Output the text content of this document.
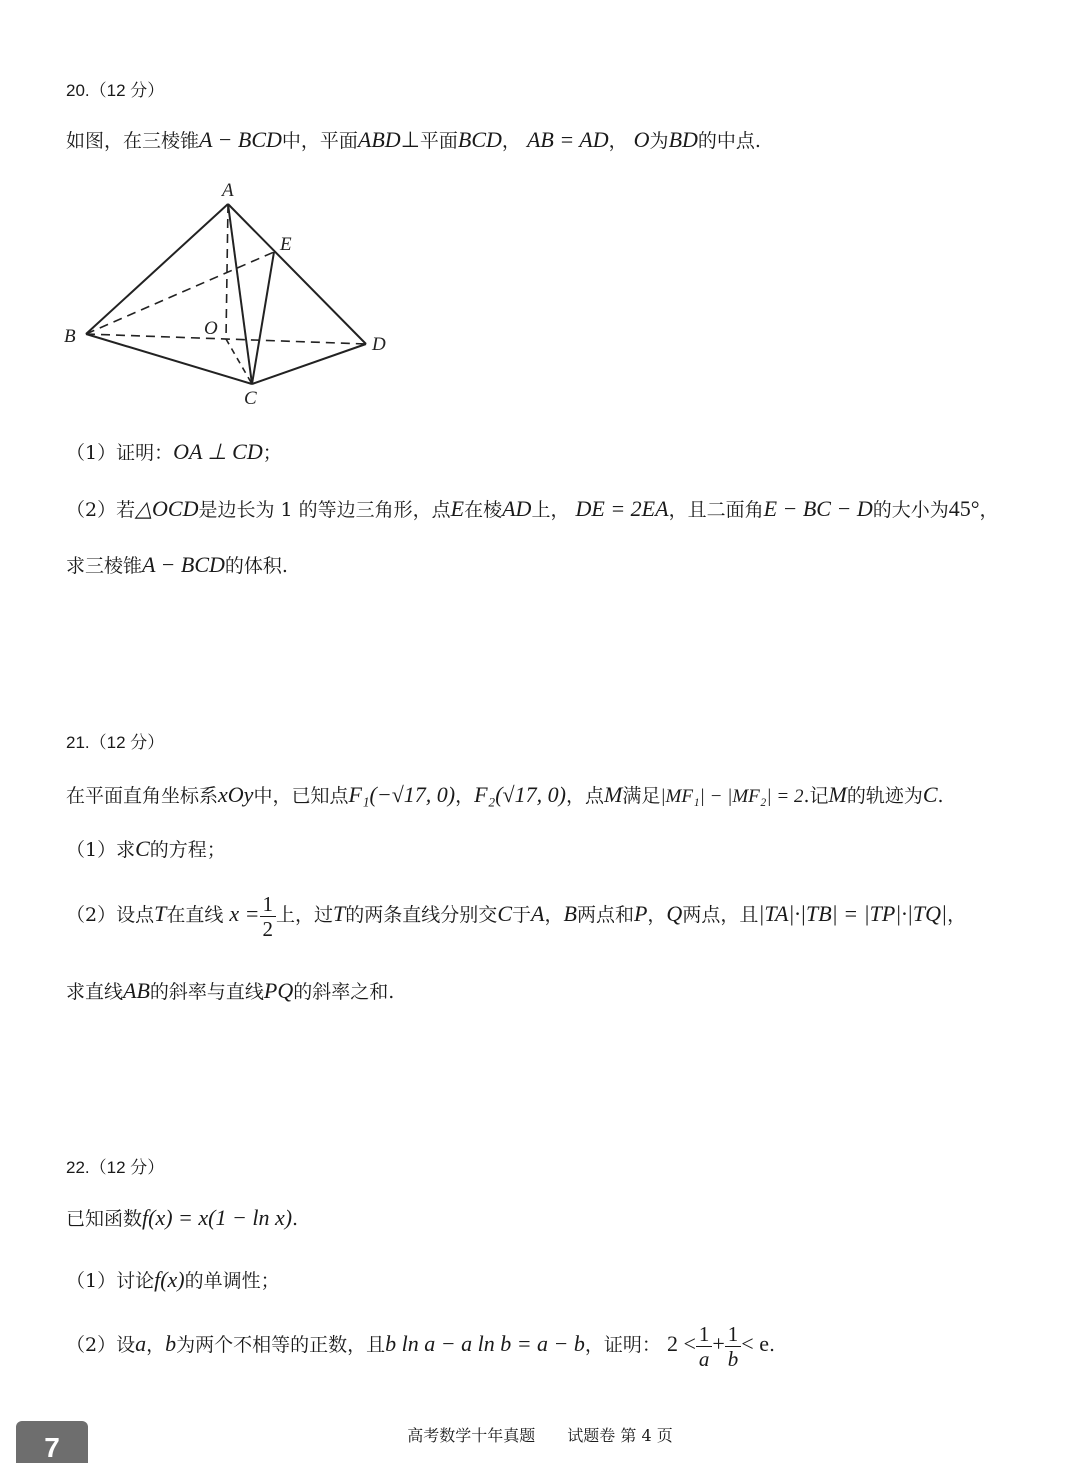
20.（12 分）
如图，在三棱锥A − BCD中，平面ABD⊥平面BCD， AB = AD， O为BD的中点.
A
E
B	O
D
C
（1）证明：OA ⊥ CD；
（2）若△OCD是边长为 1 的等边三角形，点E在棱AD上， DE = 2EA，且二面角E − BC − D的大小为45°，
求三棱锥A − BCD的体积.
21.（12 分）
在平面直角坐标系xOy中，已知点F₁(−√17, 0)，F₂(√17, 0)，点M满足|MF₁| − |MF₂| = 2.记M的轨迹为C.
（1）求C的方程；
（2）设点T在直线 $x = \frac{1}{2}$ 上，过T的两条直线分别交C于A，B两点和P，Q两点，且|TA|·|TB| = |TP|·|TQ|，
求直线AB的斜率与直线PQ的斜率之和.
22.（12 分）
已知函数f(x) = x(1 − ln x).
（1）讨论f(x)的单调性；
（2）设a，b为两个不相等的正数，且b ln a − a ln b = a − b，证明： $2 < \frac{1}{a} + \frac{1}{b} < e$.
高考数学十年真题　　试题卷 第 4 页
7
